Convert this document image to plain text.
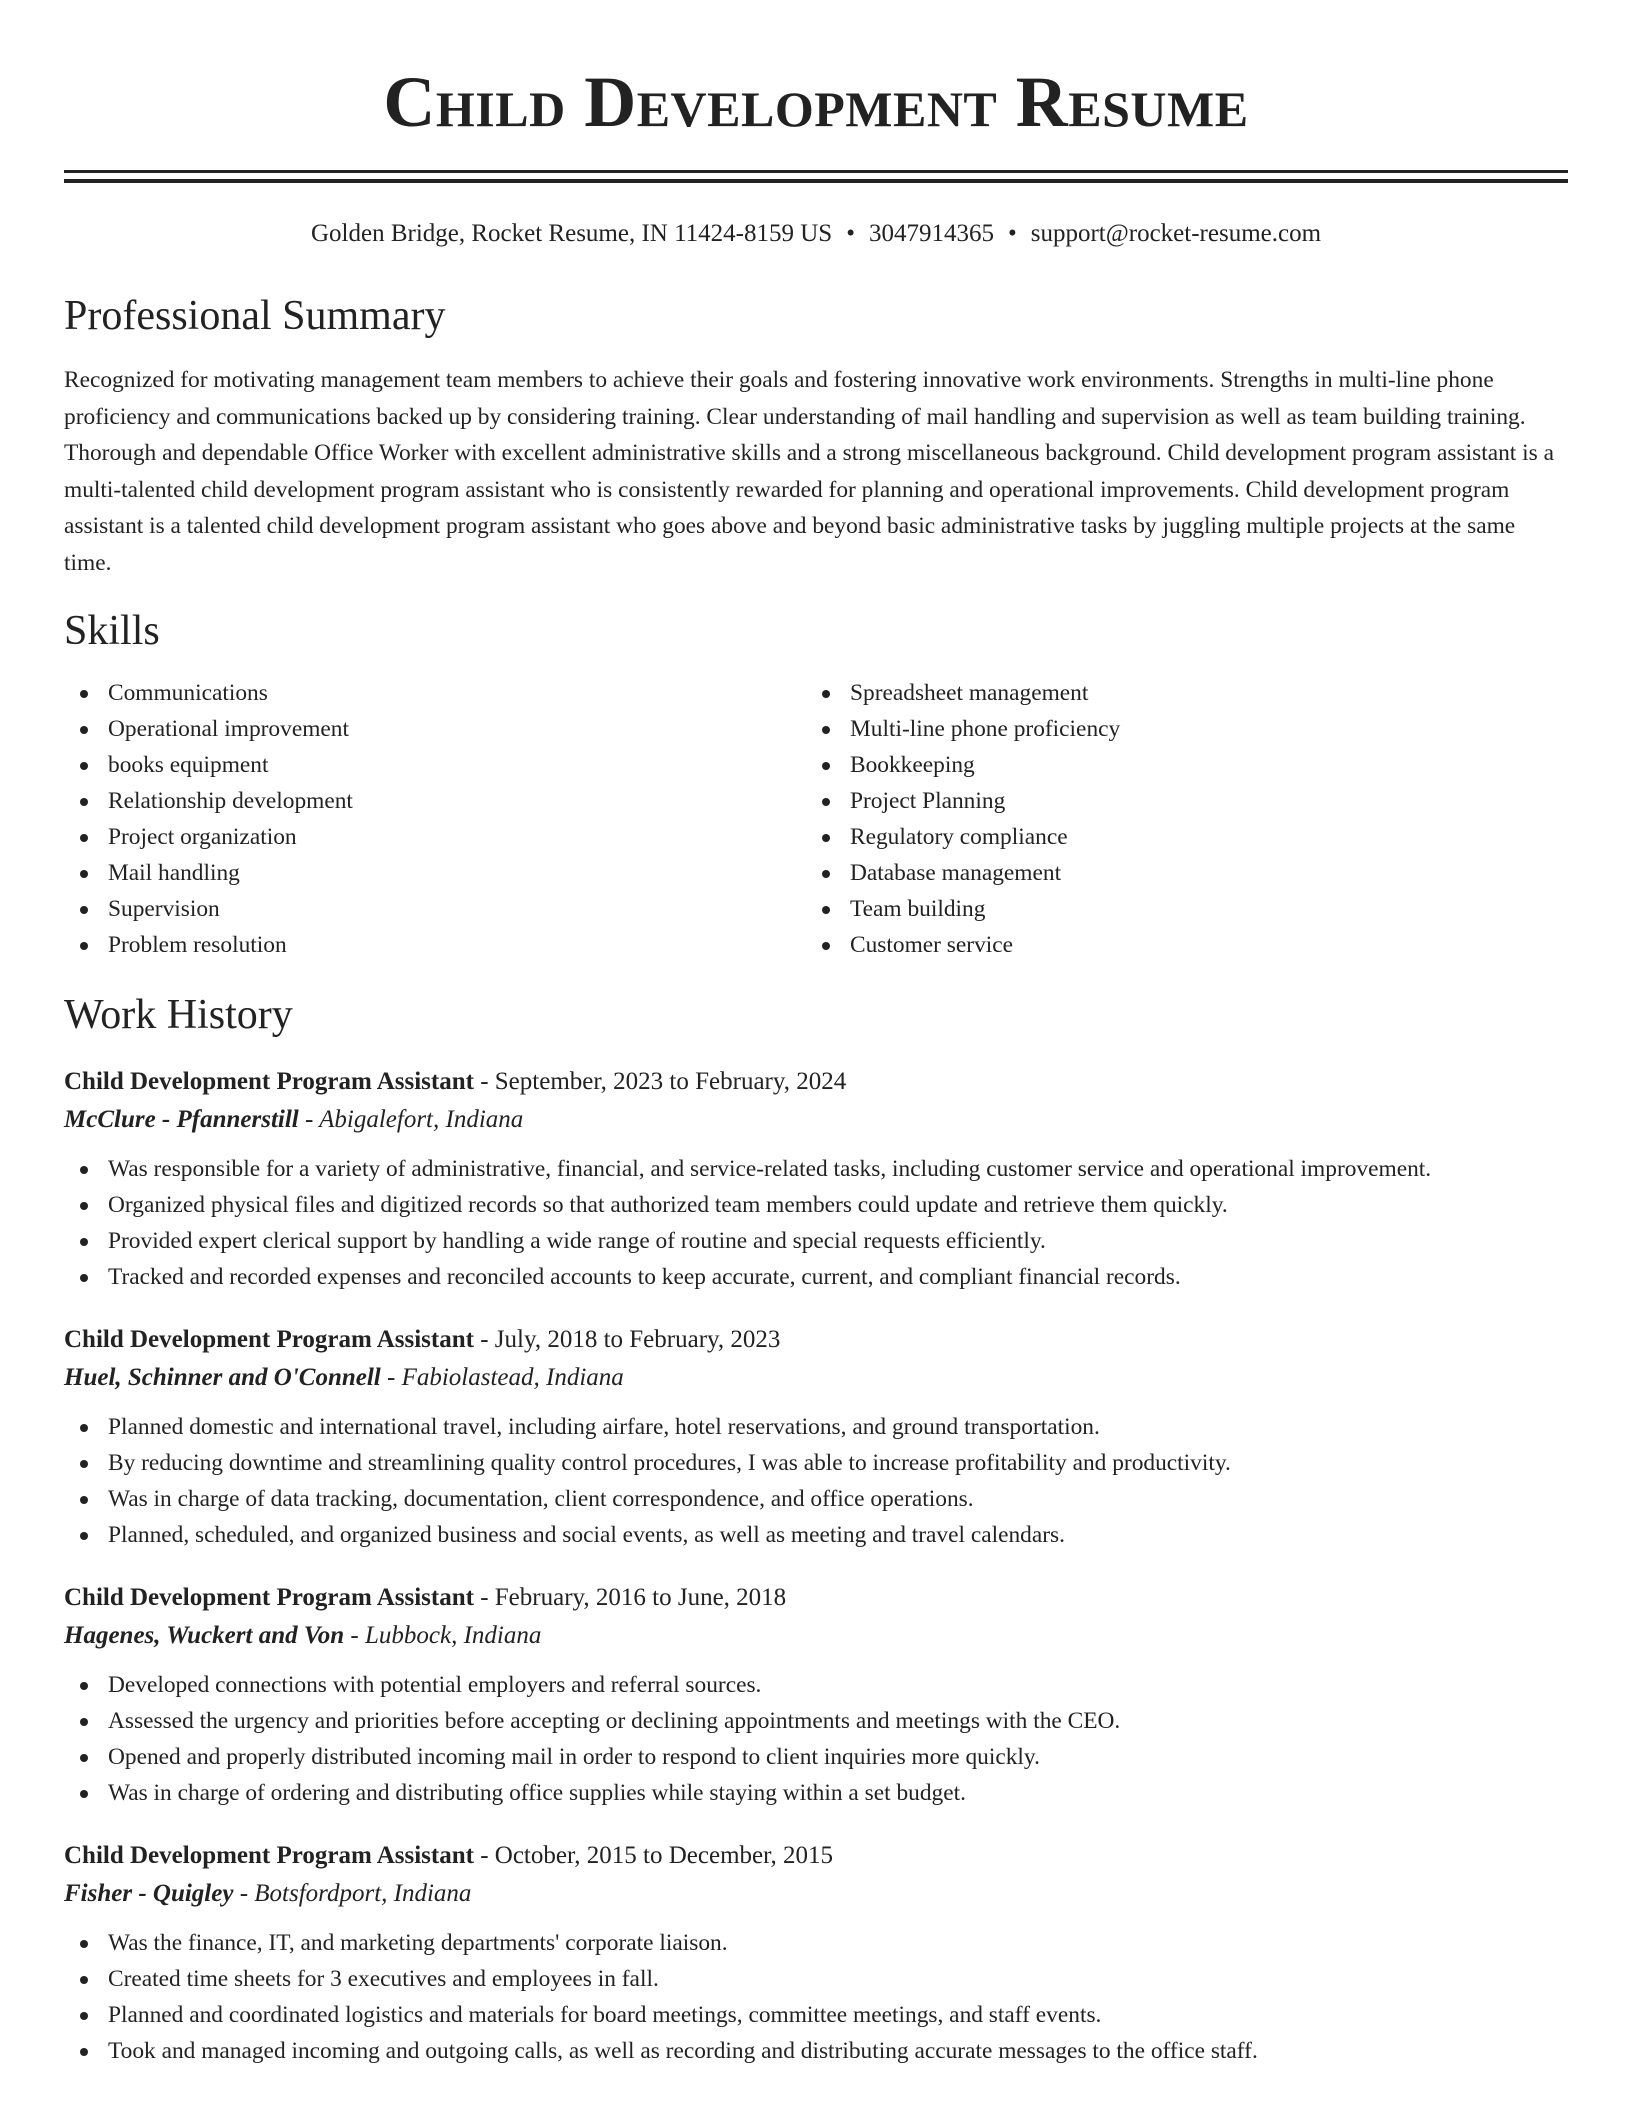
Child Development Resume
Golden Bridge, Rocket Resume, IN 11424-8159 US • 3047914365 • support@rocket-resume.com
Professional Summary

Recognized for motivating management team members to achieve their goals and fostering innovative work environments. Strengths in multi-line phone proficiency and communications backed up by considering training. Clear understanding of mail handling and supervision as well as team building training. Thorough and dependable Office Worker with excellent administrative skills and a strong miscellaneous background. Child development program assistant is a multi-talented child development program assistant who is consistently rewarded for planning and operational improvements. Child development program assistant is a talented child development program assistant who goes above and beyond basic administrative tasks by juggling multiple projects at the same time.

Skills
Communications
Operational improvement
books equipment
Relationship development
Project organization
Mail handling
Supervision
Problem resolution
Spreadsheet management
Multi-line phone proficiency
Bookkeeping
Project Planning
Regulatory compliance
Database management
Team building
Customer service
Work History
Child Development Program Assistant - September, 2023 to February, 2024
McClure - Pfannerstill - Abigalefort, Indiana
Was responsible for a variety of administrative, financial, and service-related tasks, including customer service and operational improvement.
Organized physical files and digitized records so that authorized team members could update and retrieve them quickly.
Provided expert clerical support by handling a wide range of routine and special requests efficiently.
Tracked and recorded expenses and reconciled accounts to keep accurate, current, and compliant financial records.
Child Development Program Assistant - July, 2018 to February, 2023
Huel, Schinner and O'Connell - Fabiolastead, Indiana
Planned domestic and international travel, including airfare, hotel reservations, and ground transportation.
By reducing downtime and streamlining quality control procedures, I was able to increase profitability and productivity.
Was in charge of data tracking, documentation, client correspondence, and office operations.
Planned, scheduled, and organized business and social events, as well as meeting and travel calendars.
Child Development Program Assistant - February, 2016 to June, 2018
Hagenes, Wuckert and Von - Lubbock, Indiana
Developed connections with potential employers and referral sources.
Assessed the urgency and priorities before accepting or declining appointments and meetings with the CEO.
Opened and properly distributed incoming mail in order to respond to client inquiries more quickly.
Was in charge of ordering and distributing office supplies while staying within a set budget.
Child Development Program Assistant - October, 2015 to December, 2015
Fisher - Quigley - Botsfordport, Indiana
Was the finance, IT, and marketing departments' corporate liaison.
Created time sheets for 3 executives and employees in fall.
Planned and coordinated logistics and materials for board meetings, committee meetings, and staff events.
Took and managed incoming and outgoing calls, as well as recording and distributing accurate messages to the office staff.
